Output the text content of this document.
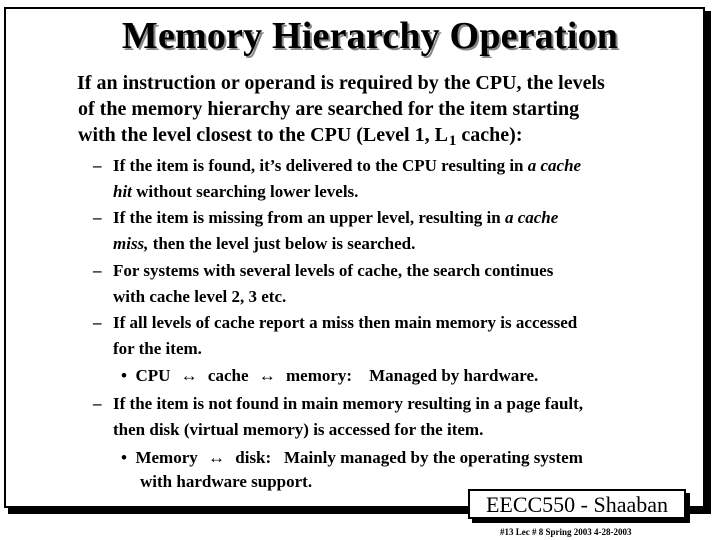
Memory Hierarchy Operation
If an instruction or operand is required by the CPU, the levels
of the memory hierarchy are searched for the item starting
with the level closest to the CPU (Level 1, $L_1$ cache):
– If the item is found, it’s delivered to the CPU resulting in a cache
hit without searching lower levels.
– If the item is missing from an upper level, resulting in a cache
miss, then the level just below is searched.
– For systems with several levels of cache, the search continues
with cache level 2, 3 etc.
– If all levels of cache report a miss then main memory is accessed
for the item.
• CPU ↔ cache ↔ memory: Managed by hardware.
– If the item is not found in main memory resulting in a page fault,
then disk (virtual memory) is accessed for the item.
• Memory ↔ disk: Mainly managed by the operating system
with hardware support.
EECC550 - Shaaban
#13 Lec # 8 Spring 2003 4-28-2003
